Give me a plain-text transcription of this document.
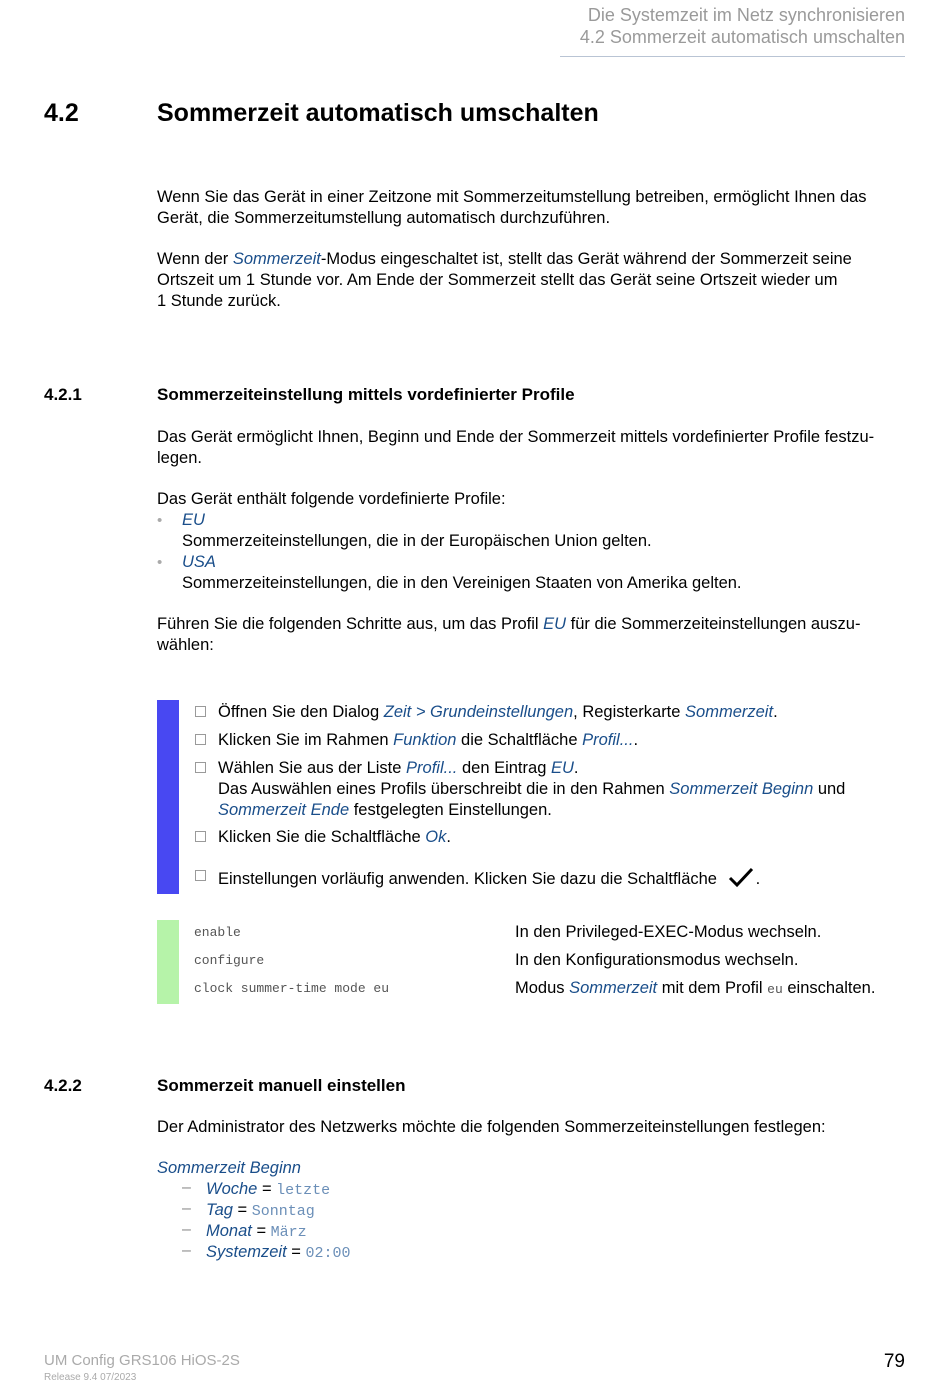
Die Systemzeit im Netz synchronisieren
4.2 Sommerzeit automatisch umschalten
4.2	Sommerzeit automatisch umschalten
Wenn Sie das Gerät in einer Zeitzone mit Sommerzeitumstellung betreiben, ermöglicht Ihnen das
Gerät, die Sommerzeitumstellung automatisch durchzuführen.
Wenn der Sommerzeit-Modus eingeschaltet ist, stellt das Gerät während der Sommerzeit seine
Ortszeit um 1 Stunde vor. Am Ende der Sommerzeit stellt das Gerät seine Ortszeit wieder um
1 Stunde zurück.
4.2.1	Sommerzeiteinstellung mittels vordefinierter Profile
Das Gerät ermöglicht Ihnen, Beginn und Ende der Sommerzeit mittels vordefinierter Profile festzu-
legen.
Das Gerät enthält folgende vordefinierte Profile:
• EU
Sommerzeiteinstellungen, die in der Europäischen Union gelten.
• USA
Sommerzeiteinstellungen, die in den Vereinigen Staaten von Amerika gelten.
Führen Sie die folgenden Schritte aus, um das Profil EU für die Sommerzeiteinstellungen auszu-
wählen:
Öffnen Sie den Dialog Zeit > Grundeinstellungen, Registerkarte Sommerzeit.
Klicken Sie im Rahmen Funktion die Schaltfläche Profil....
Wählen Sie aus der Liste Profil... den Eintrag EU.
Das Auswählen eines Profils überschreibt die in den Rahmen Sommerzeit Beginn und
Sommerzeit Ende festgelegten Einstellungen.
Klicken Sie die Schaltfläche Ok.
Einstellungen vorläufig anwenden. Klicken Sie dazu die Schaltfläche .
enable	In den Privileged-EXEC-Modus wechseln.
configure	In den Konfigurationsmodus wechseln.
clock summer-time mode eu	Modus Sommerzeit mit dem Profil eu einschalten.
4.2.2	Sommerzeit manuell einstellen
Der Administrator des Netzwerks möchte die folgenden Sommerzeiteinstellungen festlegen:
Sommerzeit Beginn
– Woche = letzte
– Tag = Sonntag
– Monat = März
– Systemzeit = 02:00
UM Config GRS106 HiOS-2S
Release 9.4 07/2023
79
